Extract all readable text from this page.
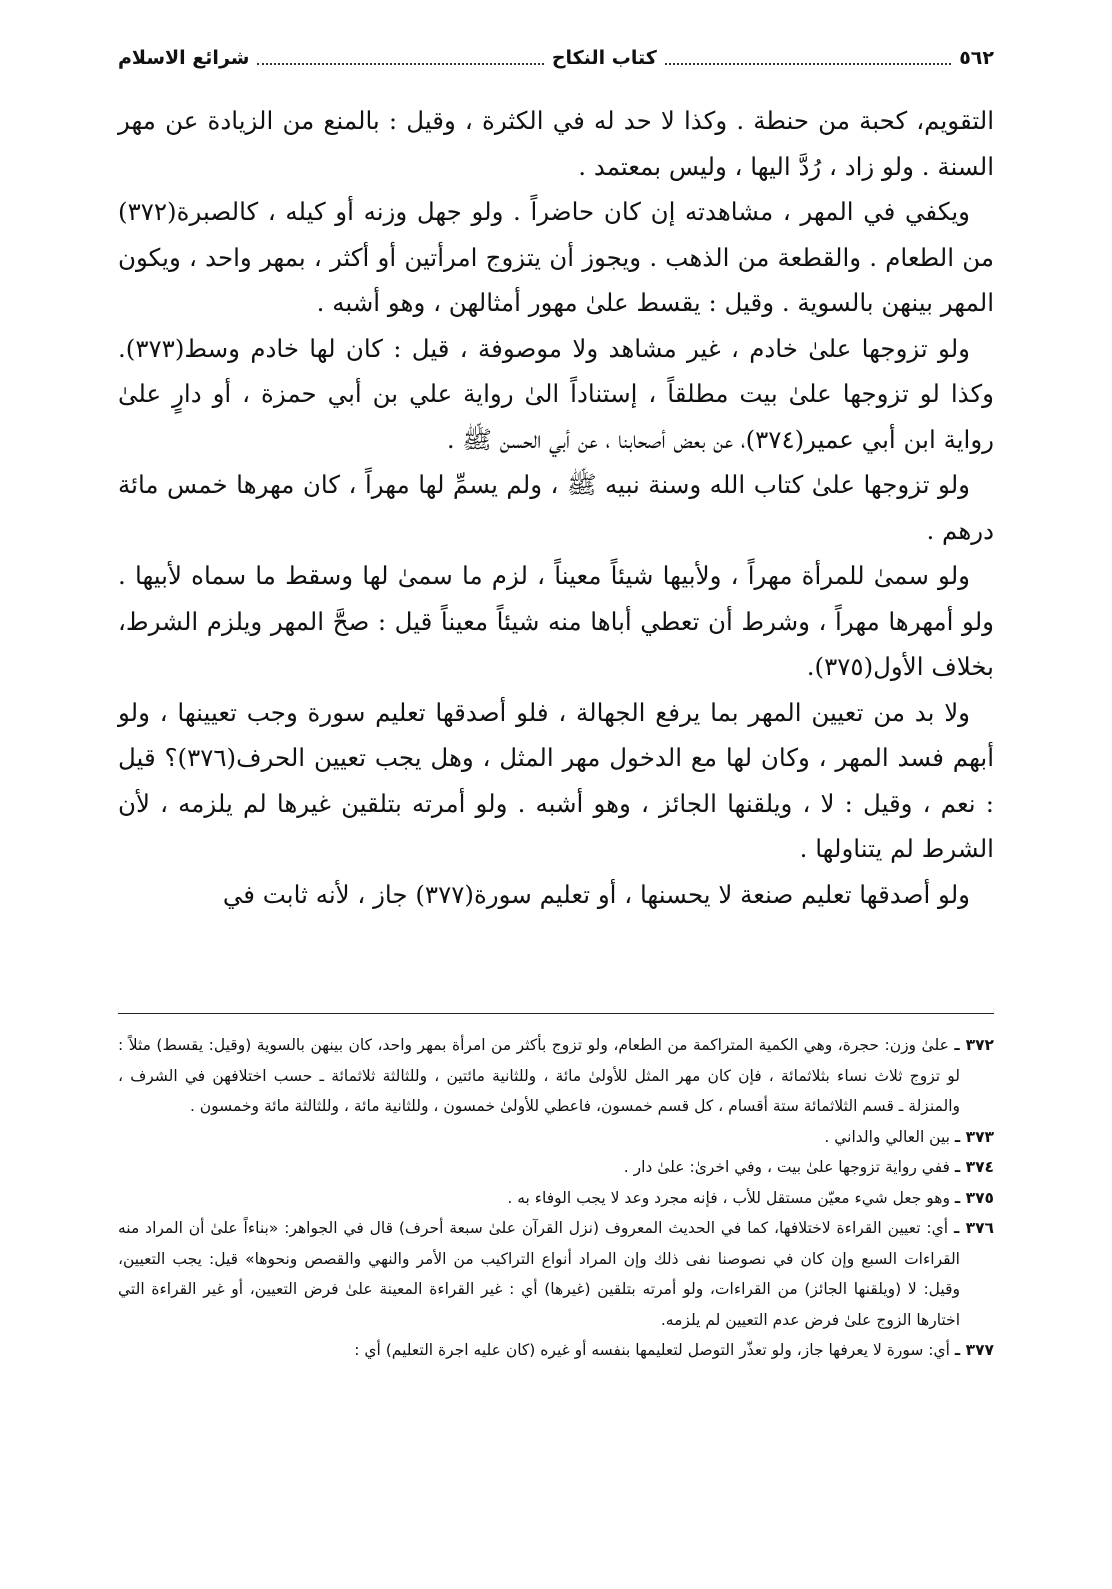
٥٦٢
كتاب النكاح
شرائع الاسلام

التقويم، كحبة من حنطة . وكذا لا حد له في الكثرة ، وقيل : بالمنع من الزيادة عن مهر السنة . ولو زاد ، رُدَّ اليها ، وليس بمعتمد .

ويكفي في المهر ، مشاهدته إن كان حاضراً . ولو جهل وزنه أو كيله ، كالصبرة(٣٧٢) من الطعام . والقطعة من الذهب . ويجوز أن يتزوج امرأتين أو أكثر ، بمهر واحد ، ويكون المهر بينهن بالسوية . وقيل : يقسط علىٰ مهور أمثالهن ، وهو أشبه .

ولو تزوجها علىٰ خادم ، غير مشاهد ولا موصوفة ، قيل : كان لها خادم وسط(٣٧٣). وكذا لو تزوجها علىٰ بيت مطلقاً ، إستناداً الىٰ رواية علي بن أبي حمزة ، أو دارٍ علىٰ رواية ابن أبي عمير(٣٧٤)، عن بعض أصحابنا ، عن أبي الحسن ﷺ .

ولو تزوجها علىٰ كتاب الله وسنة نبيه ﷺ ، ولم يسمِّ لها مهراً ، كان مهرها خمس مائة درهم .

ولو سمىٰ للمرأة مهراً ، ولأبيها شيئاً معيناً ، لزم ما سمىٰ لها وسقط ما سماه لأبيها . ولو أمهرها مهراً ، وشرط أن تعطي أباها منه شيئاً معيناً قيل : صحَّ المهر ويلزم الشرط، بخلاف الأول(٣٧٥).

ولا بد من تعيين المهر بما يرفع الجهالة ، فلو أصدقها تعليم سورة وجب تعيينها ، ولو أبهم فسد المهر ، وكان لها مع الدخول مهر المثل ، وهل يجب تعيين الحرف(٣٧٦)؟ قيل : نعم ، وقيل : لا ، ويلقنها الجائز ، وهو أشبه . ولو أمرته بتلقين غيرها لم يلزمه ، لأن الشرط لم يتناولها .

ولو أصدقها تعليم صنعة لا يحسنها ، أو تعليم سورة(٣٧٧) جاز ، لأنه ثابت في

٣٧٢ ـ علىٰ وزن: حجرة، وهي الكمية المتراكمة من الطعام، ولو تزوج بأكثر من امرأة بمهر واحد، كان بينهن بالسوية (وقيل: يقسط) مثلاً : لو تزوج ثلاث نساء بثلاثمائة ، فإن كان مهر المثل للأولىٰ مائة ، وللثانية مائتين ، وللثالثة ثلاثمائة ـ حسب اختلافهن في الشرف ، والمنزلة ـ قسم الثلاثمائة ستة أقسام ، كل قسم خمسون، فاعطي للأولىٰ خمسون ، وللثانية مائة ، وللثالثة مائة وخمسون .

٣٧٣ ـ بين العالي والداني .

٣٧٤ ـ ففي رواية تزوجها علىٰ بيت ، وفي اخرىٰ: علىٰ دار .

٣٧٥ ـ وهو جعل شيء معيّن مستقل للأب ، فإنه مجرد وعد لا يجب الوفاء به .

٣٧٦ ـ أي: تعيين القراءة لاختلافها، كما في الحديث المعروف (نزل القرآن علىٰ سبعة أحرف) قال في الجواهر: «بناءاً علىٰ أن المراد منه القراءات السبع وإن كان في نصوصنا نفى ذلك وإن المراد أنواع التراكيب من الأمر والنهي والقصص ونحوها» قيل: يجب التعيين، وقيل: لا (ويلقنها الجائز) من القراءات، ولو أمرته بتلقين (غيرها) أي : غير القراءة المعينة علىٰ فرض التعيين، أو غير القراءة التي اختارها الزوج علىٰ فرض عدم التعيين لم يلزمه.

٣٧٧ ـ أي: سورة لا يعرفها جاز، ولو تعذّر التوصل لتعليمها بنفسه أو غيره (كان عليه اجرة التعليم) أي :
